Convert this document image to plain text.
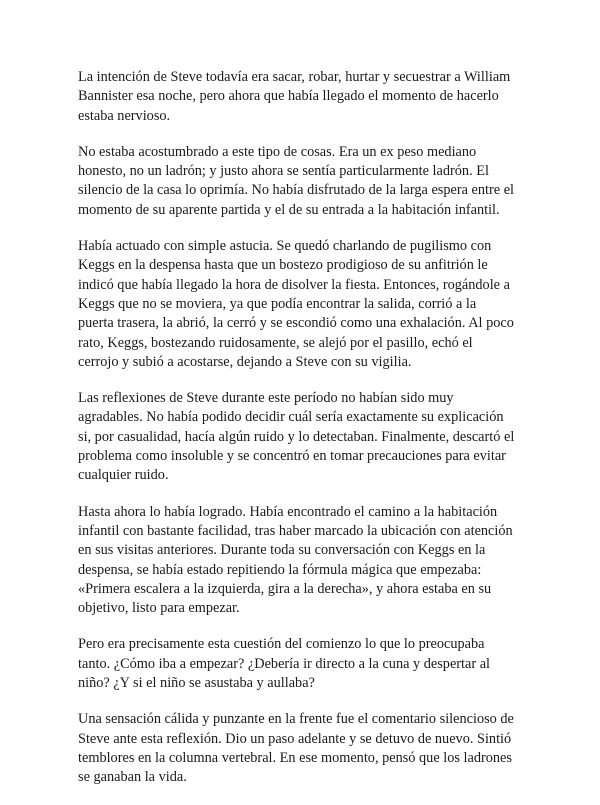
La intención de Steve todavía era sacar, robar, hurtar y secuestrar a William
Bannister esa noche, pero ahora que había llegado el momento de hacerlo
estaba nervioso.

No estaba acostumbrado a este tipo de cosas. Era un ex peso mediano
honesto, no un ladrón; y justo ahora se sentía particularmente ladrón. El
silencio de la casa lo oprimía. No había disfrutado de la larga espera entre el
momento de su aparente partida y el de su entrada a la habitación infantil.

Había actuado con simple astucia. Se quedó charlando de pugilismo con
Keggs en la despensa hasta que un bostezo prodigioso de su anfitrión le
indicó que había llegado la hora de disolver la fiesta. Entonces, rogándole a
Keggs que no se moviera, ya que podía encontrar la salida, corrió a la
puerta trasera, la abrió, la cerró y se escondió como una exhalación. Al poco
rato, Keggs, bostezando ruidosamente, se alejó por el pasillo, echó el
cerrojo y subió a acostarse, dejando a Steve con su vigilia.

Las reflexiones de Steve durante este período no habían sido muy
agradables. No había podido decidir cuál sería exactamente su explicación
si, por casualidad, hacía algún ruido y lo detectaban. Finalmente, descartó el
problema como insoluble y se concentró en tomar precauciones para evitar
cualquier ruido.

Hasta ahora lo había logrado. Había encontrado el camino a la habitación
infantil con bastante facilidad, tras haber marcado la ubicación con atención
en sus visitas anteriores. Durante toda su conversación con Keggs en la
despensa, se había estado repitiendo la fórmula mágica que empezaba:
«Primera escalera a la izquierda, gira a la derecha», y ahora estaba en su
objetivo, listo para empezar.

Pero era precisamente esta cuestión del comienzo lo que lo preocupaba
tanto. ¿Cómo iba a empezar? ¿Debería ir directo a la cuna y despertar al
niño? ¿Y si el niño se asustaba y aullaba?

Una sensación cálida y punzante en la frente fue el comentario silencioso de
Steve ante esta reflexión. Dio un paso adelante y se detuvo de nuevo. Sintió
temblores en la columna vertebral. En ese momento, pensó que los ladrones
se ganaban la vida.
